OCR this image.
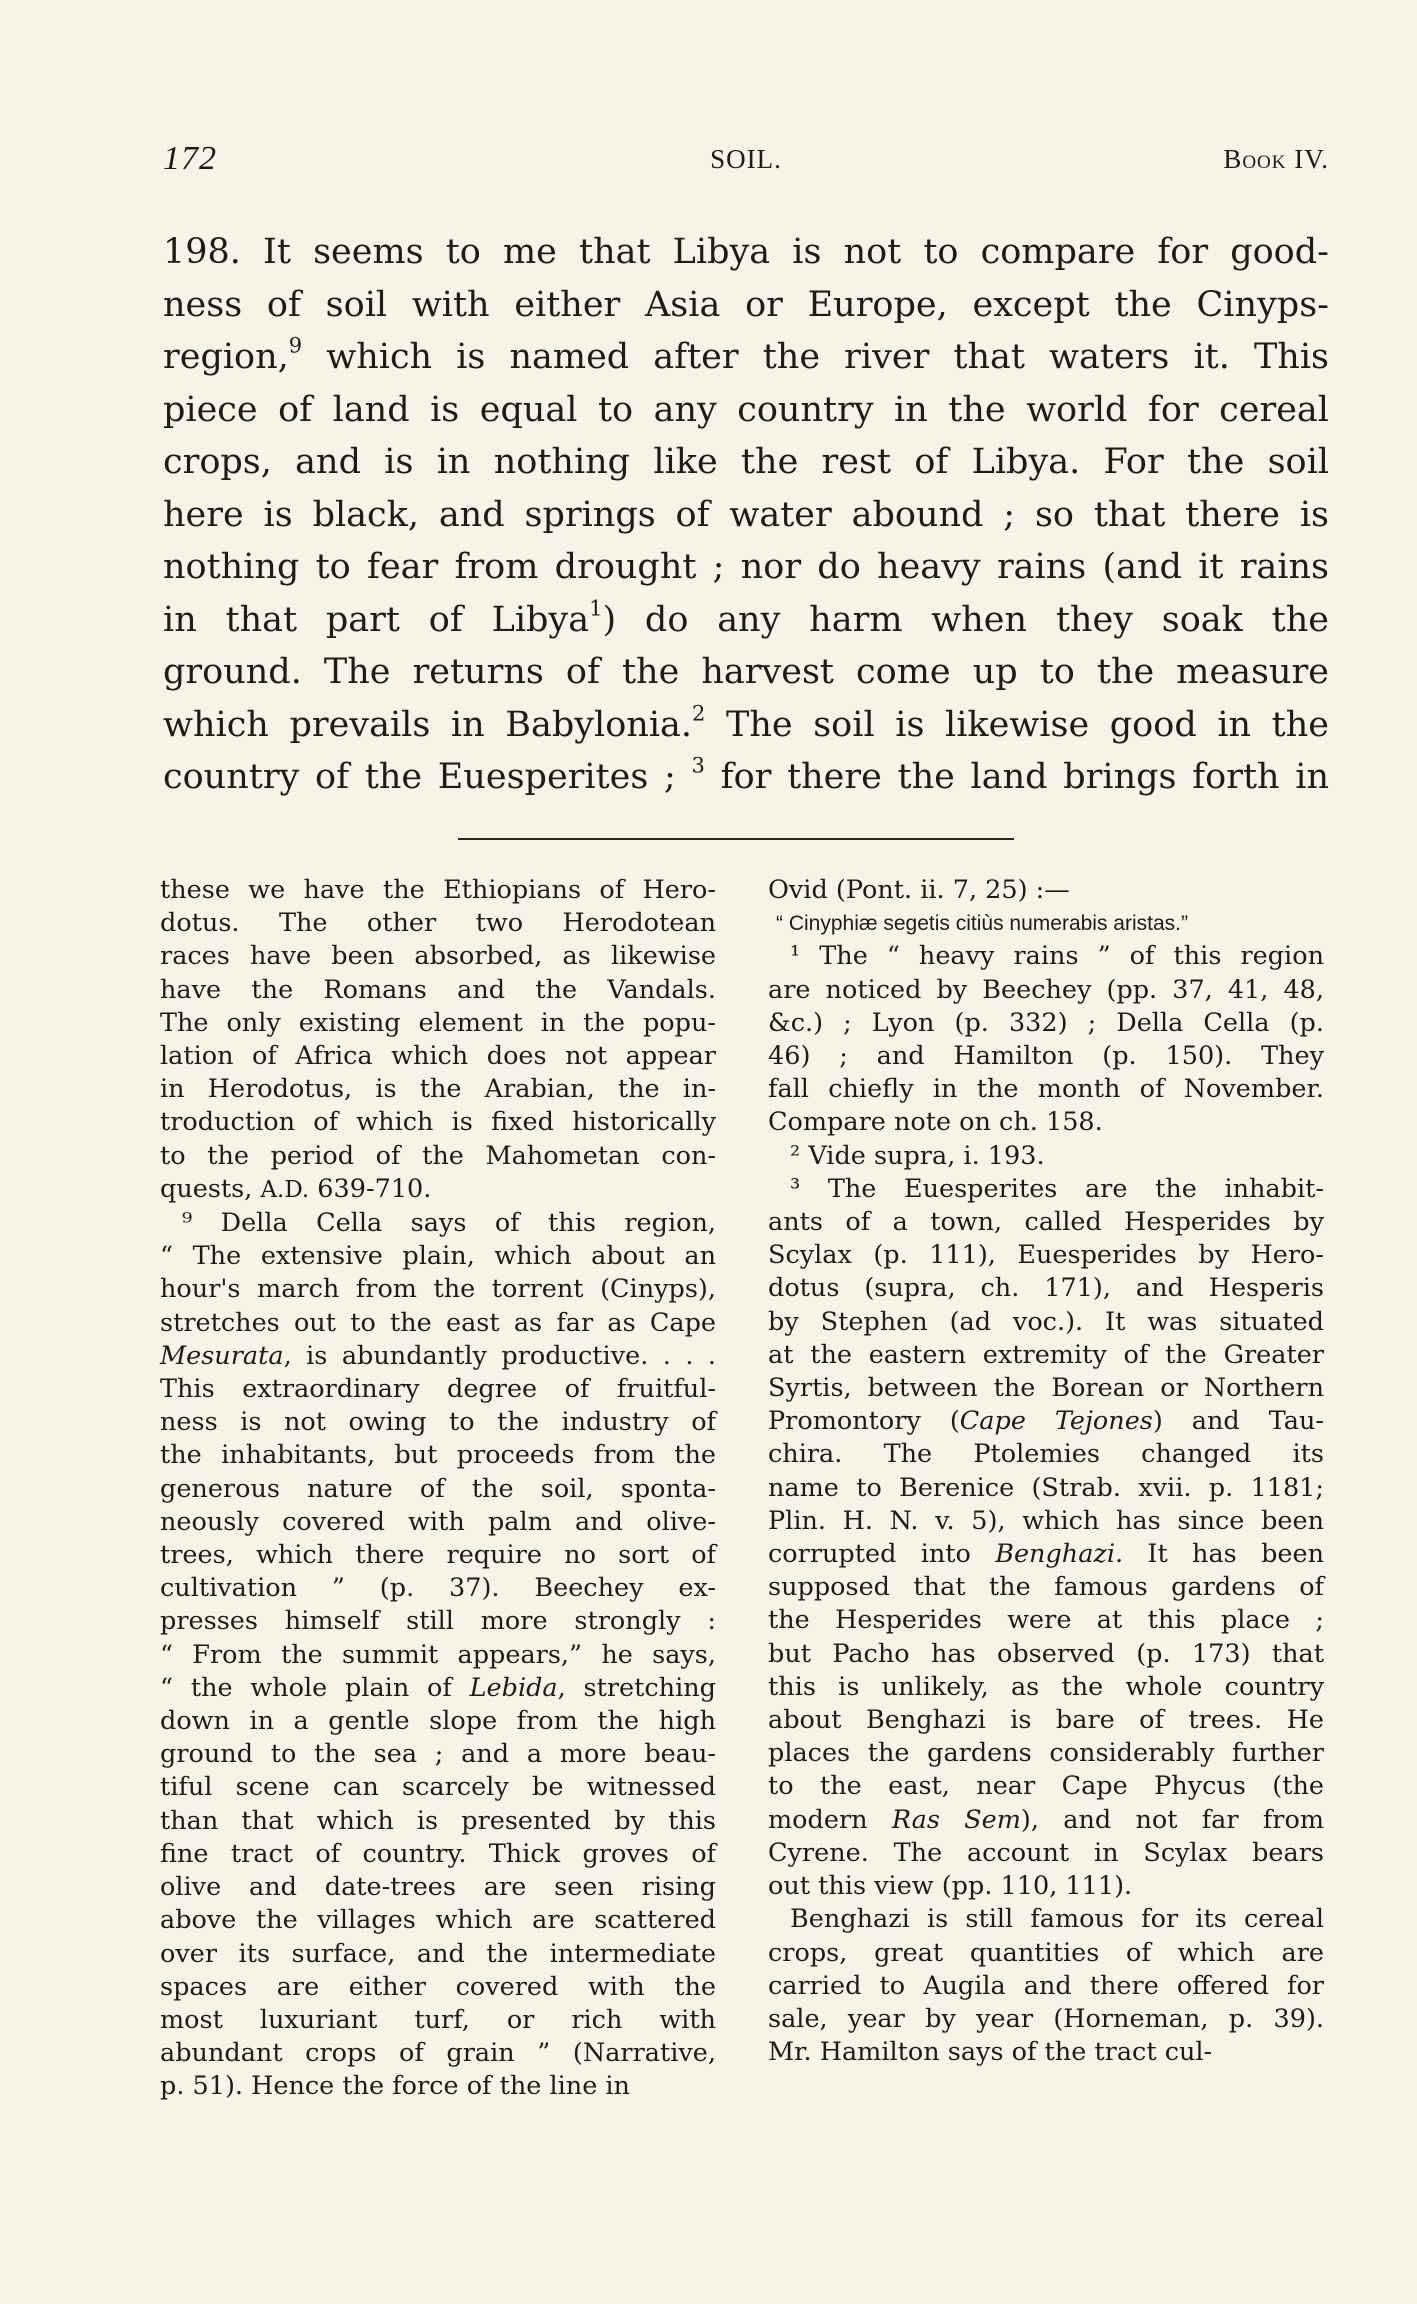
172	SOIL.	Book IV.
198. It seems to me that Libya is not to compare for good-
ness of soil with either Asia or Europe, except the Cinyps-
region,$^9$ which is named after the river that waters it. This
piece of land is equal to any country in the world for cereal
crops, and is in nothing like the rest of Libya. For the soil
here is black, and springs of water abound ; so that there is
nothing to fear from drought ; nor do heavy rains (and it rains
in that part of Libya$^1$) do any harm when they soak the
ground. The returns of the harvest come up to the measure
which prevails in Babylonia.$^2$ The soil is likewise good in the
country of the Euesperites ; $^3$ for there the land brings forth in
these we have the Ethiopians of Hero-
dotus. The other two Herodotean
races have been absorbed, as likewise
have the Romans and the Vandals.
The only existing element in the popu-
lation of Africa which does not appear
in Herodotus, is the Arabian, the in-
troduction of which is fixed historically
to the period of the Mahometan con-
quests, A.D. 639-710.
⁹ Della Cella says of this region,
“ The extensive plain, which about an
hour's march from the torrent (Cinyps),
stretches out to the east as far as Cape
Mesurata, is abundantly productive. . . .
This extraordinary degree of fruitful-
ness is not owing to the industry of
the inhabitants, but proceeds from the
generous nature of the soil, sponta-
neously covered with palm and olive-
trees, which there require no sort of
cultivation ” (p. 37). Beechey ex-
presses himself still more strongly :
“ From the summit appears,” he says,
“ the whole plain of Lebida, stretching
down in a gentle slope from the high
ground to the sea ; and a more beau-
tiful scene can scarcely be witnessed
than that which is presented by this
fine tract of country. Thick groves of
olive and date-trees are seen rising
above the villages which are scattered
over its surface, and the intermediate
spaces are either covered with the
most luxuriant turf, or rich with
abundant crops of grain ” (Narrative,
p. 51). Hence the force of the line in
Ovid (Pont. ii. 7, 25) :—
“ Cinyphiæ segetis citiùs numerabis aristas.”
¹ The “ heavy rains ” of this region
are noticed by Beechey (pp. 37, 41, 48,
&c.) ; Lyon (p. 332) ; Della Cella (p.
46) ; and Hamilton (p. 150). They
fall chiefly in the month of November.
Compare note on ch. 158.
² Vide supra, i. 193.
³ The Euesperites are the inhabit-
ants of a town, called Hesperides by
Scylax (p. 111), Euesperides by Hero-
dotus (supra, ch. 171), and Hesperis
by Stephen (ad voc.). It was situated
at the eastern extremity of the Greater
Syrtis, between the Borean or Northern
Promontory (Cape Tejones) and Tau-
chira. The Ptolemies changed its
name to Berenice (Strab. xvii. p. 1181;
Plin. H. N. v. 5), which has since been
corrupted into Benghazi. It has been
supposed that the famous gardens of
the Hesperides were at this place ;
but Pacho has observed (p. 173) that
this is unlikely, as the whole country
about Benghazi is bare of trees. He
places the gardens considerably further
to the east, near Cape Phycus (the
modern Ras Sem), and not far from
Cyrene. The account in Scylax bears
out this view (pp. 110, 111).
Benghazi is still famous for its cereal
crops, great quantities of which are
carried to Augila and there offered for
sale, year by year (Horneman, p. 39).
Mr. Hamilton says of the tract cul-
